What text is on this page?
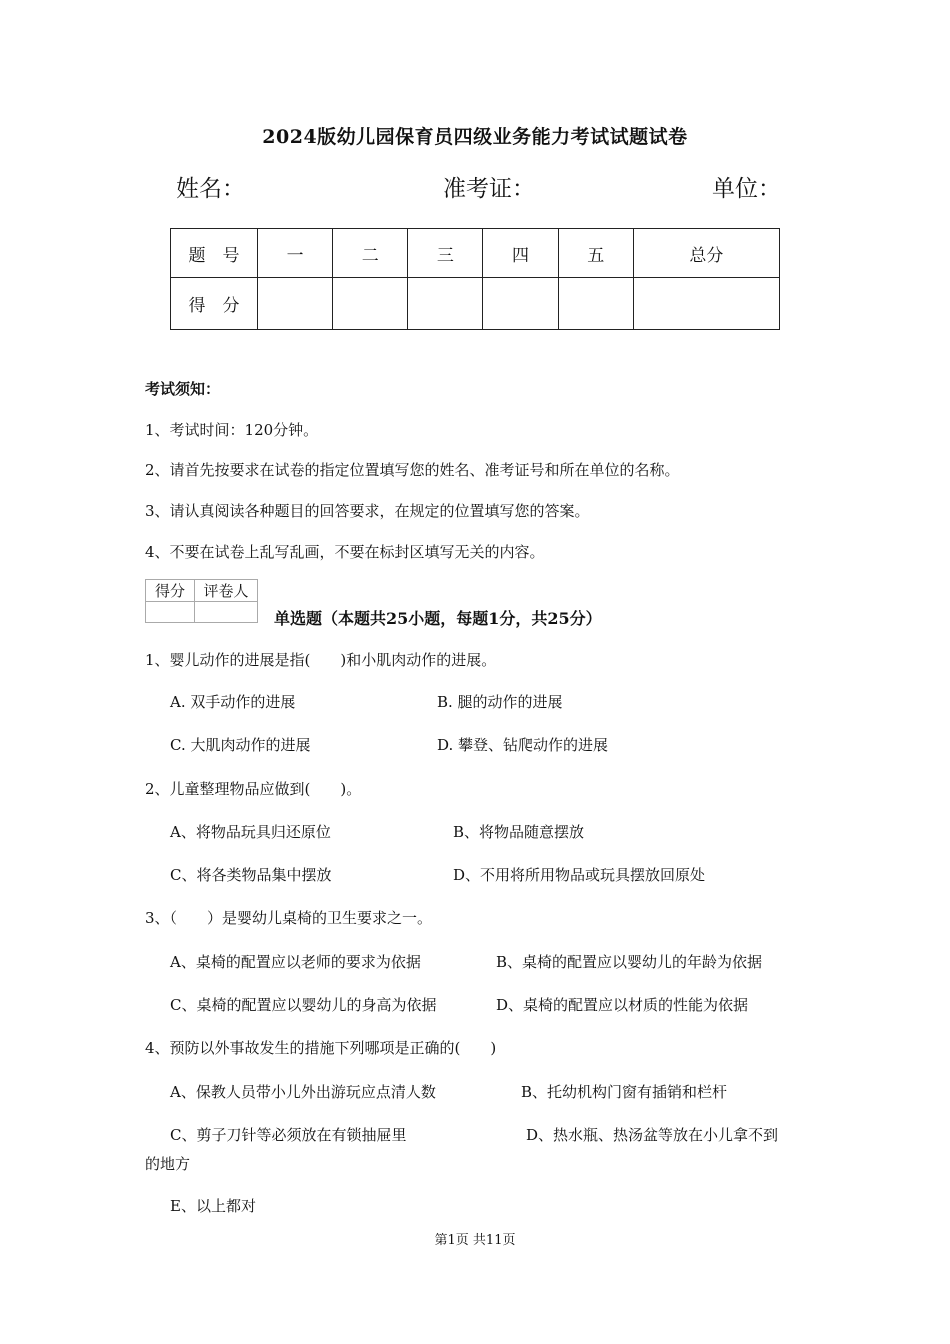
2024版幼儿园保育员四级业务能力考试试题试卷
姓名：	准考证：	单位：
题　号	一	二	三	四	五	总分
得　分						
考试须知：
1、考试时间：120分钟。
2、请首先按要求在试卷的指定位置填写您的姓名、准考证号和所在单位的名称。
3、请认真阅读各种题目的回答要求，在规定的位置填写您的答案。
4、不要在试卷上乱写乱画，不要在标封区填写无关的内容。
得分	评卷人

单选题（本题共25小题，每题1分，共25分）
1、婴儿动作的进展是指(　　)和小肌肉动作的进展。
A. 双手动作的进展	B. 腿的动作的进展
C. 大肌肉动作的进展	D. 攀登、钻爬动作的进展
2、儿童整理物品应做到(　　)。
A、将物品玩具归还原位	B、将物品随意摆放
C、将各类物品集中摆放	D、不用将所用物品或玩具摆放回原处
3、（　　）是婴幼儿桌椅的卫生要求之一。
A、桌椅的配置应以老师的要求为依据	B、桌椅的配置应以婴幼儿的年龄为依据
C、桌椅的配置应以婴幼儿的身高为依据	D、桌椅的配置应以材质的性能为依据
4、预防以外事故发生的措施下列哪项是正确的(　　)
A、保教人员带小儿外出游玩应点清人数	B、托幼机构门窗有插销和栏杆
C、剪子刀针等必须放在有锁抽屉里	D、热水瓶、热汤盆等放在小儿拿不到
的地方
E、以上都对
第1页 共11页
